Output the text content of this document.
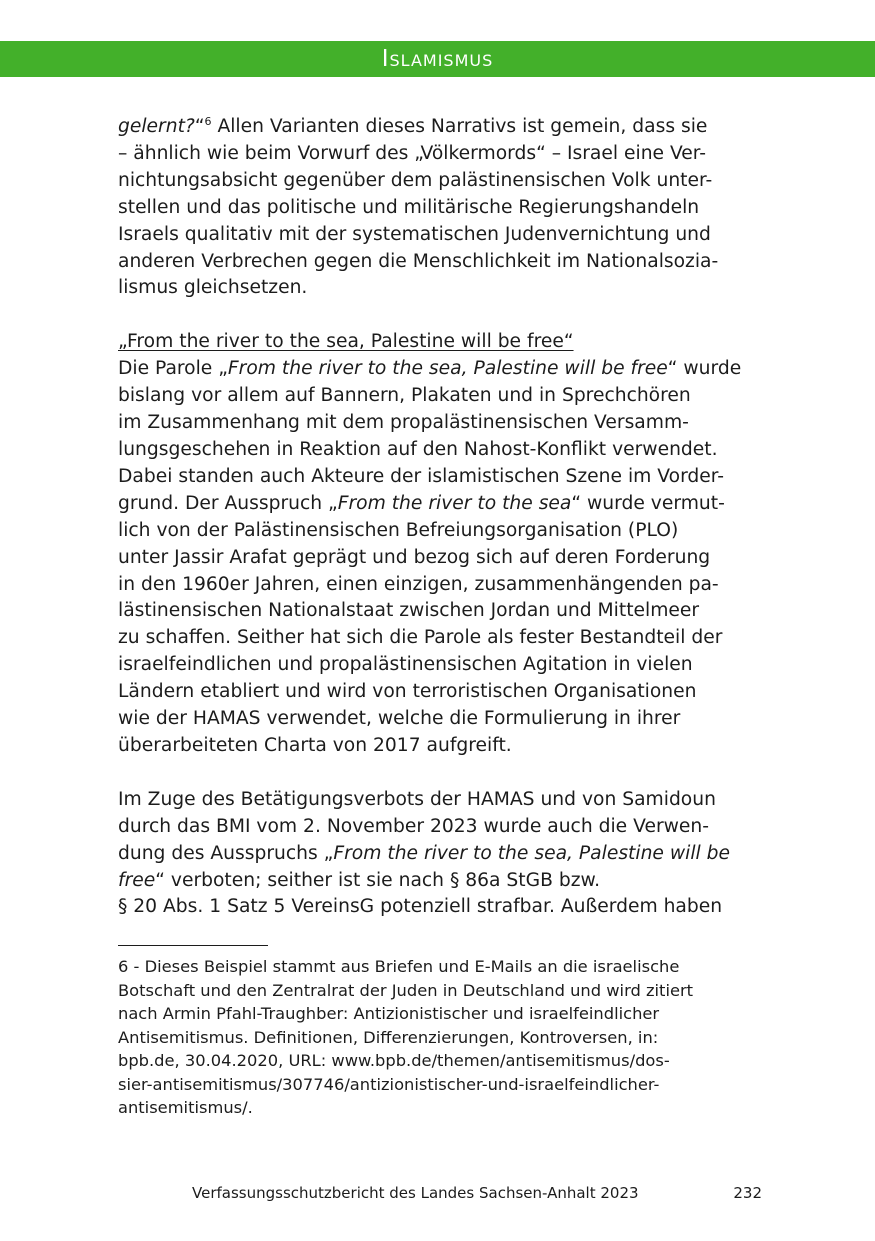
Islamismus

gelernt?“$^6$ Allen Varianten dieses Narrativs ist gemein, dass sie
– ähnlich wie beim Vorwurf des „Völkermords“ – Israel eine Ver-
nichtungsabsicht gegenüber dem palästinensischen Volk unter-
stellen und das politische und militärische Regierungshandeln
Israels qualitativ mit der systematischen Judenvernichtung und
anderen Verbrechen gegen die Menschlichkeit im Nationalsozia-
lismus gleichsetzen.

„From the river to the sea, Palestine will be free“

Die Parole „From the river to the sea, Palestine will be free“ wurde
bislang vor allem auf Bannern, Plakaten und in Sprechchören
im Zusammenhang mit dem propalästinensischen Versamm-
lungsgeschehen in Reaktion auf den Nahost-Konflikt verwendet.
Dabei standen auch Akteure der islamistischen Szene im Vorder-
grund. Der Ausspruch „From the river to the sea“ wurde vermut-
lich von der Palästinensischen Befreiungsorganisation (PLO)
unter Jassir Arafat geprägt und bezog sich auf deren Forderung
in den 1960er Jahren, einen einzigen, zusammenhängenden pa-
lästinensischen Nationalstaat zwischen Jordan und Mittelmeer
zu schaffen. Seither hat sich die Parole als fester Bestandteil der
israelfeindlichen und propalästinensischen Agitation in vielen
Ländern etabliert und wird von terroristischen Organisationen
wie der HAMAS verwendet, welche die Formulierung in ihrer
überarbeiteten Charta von 2017 aufgreift.

Im Zuge des Betätigungsverbots der HAMAS und von Samidoun
durch das BMI vom 2. November 2023 wurde auch die Verwen-
dung des Ausspruchs „From the river to the sea, Palestine will be
free“ verboten; seither ist sie nach § 86a StGB bzw.
§ 20 Abs. 1 Satz 5 VereinsG potenziell strafbar. Außerdem haben

6 - Dieses Beispiel stammt aus Briefen und E-Mails an die israelische
Botschaft und den Zentralrat der Juden in Deutschland und wird zitiert
nach Armin Pfahl-Traughber: Antizionistischer und israelfeindlicher
Antisemitismus. Definitionen, Differenzierungen, Kontroversen, in:
bpb.de, 30.04.2020, URL: www.bpb.de/themen/antisemitismus/dos-
sier-antisemitismus/307746/antizionistischer-und-israelfeindlicher-
antisemitismus/.
Verfassungsschutzbericht des Landes Sachsen-Anhalt 2023	232
